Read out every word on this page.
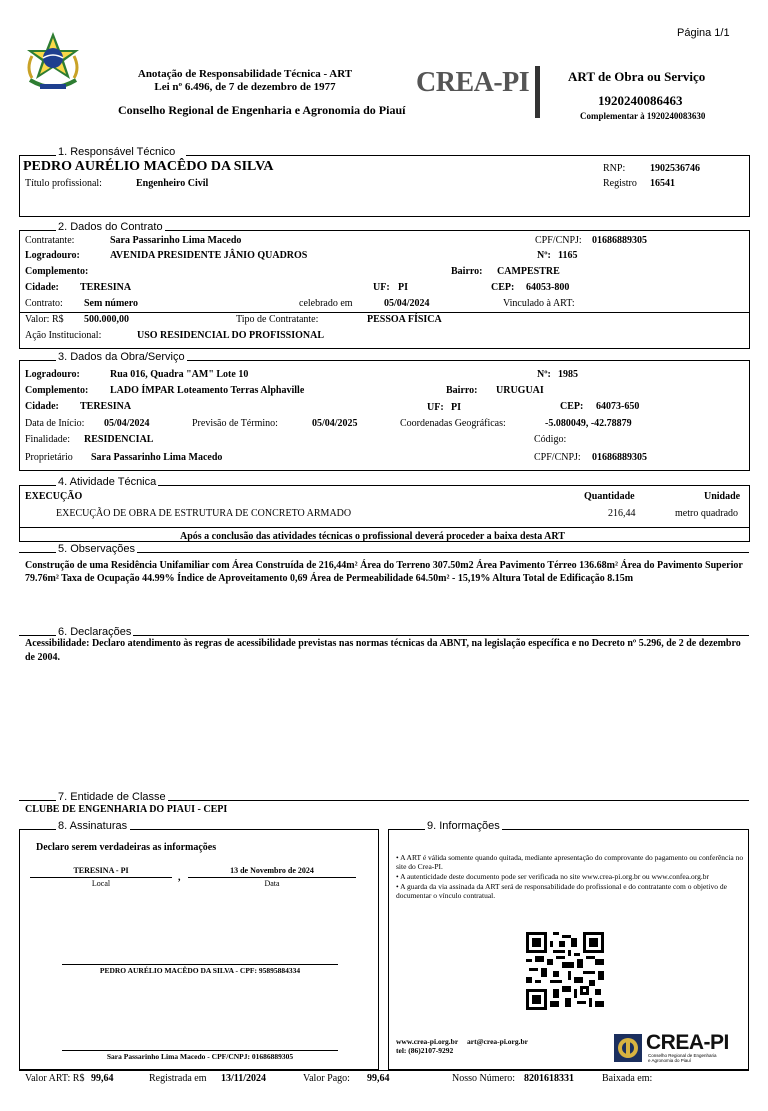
Página 1/1
Anotação de Responsabilidade Técnica - ART
Lei nº 6.496, de 7 de dezembro de 1977
Conselho Regional de Engenharia e Agronomia do Piauí
CREA-PI	ART de Obra ou Serviço
1920240086463
Complementar à 1920240083630
1. Responsável Técnico
PEDRO AURÉLIO MACÊDO DA SILVA
Título profissional:	Engenheiro Civil
RNP: 1902536746
Registro 16541
2. Dados do Contrato
Contratante:	Sara Passarinho Lima Macedo	CPF/CNPJ: 01686889305
Logradouro:	AVENIDA PRESIDENTE JÂNIO QUADROS	Nº: 1165
Complemento:	Bairro: CAMPESTRE
Cidade: TERESINA	UF: PI	CEP: 64053-800
Contrato: Sem número	celebrado em	05/04/2024	Vinculado à ART:
Valor: R$ 500.000,00	Tipo de Contratante:	PESSOA FÍSICA
Ação Institucional:	USO RESIDENCIAL DO PROFISSIONAL
3. Dados da Obra/Serviço
Logradouro:	Rua 016, Quadra "AM" Lote 10	Nº: 1985
Complemento: LADO ÍMPAR Loteamento Terras Alphaville	Bairro: URUGUAI
Cidade: TERESINA	UF: PI	CEP: 64073-650
Data de Início: 05/04/2024	Previsão de Término:	05/04/2025	Coordenadas Geográficas:	-5.080049, -42.78879
Finalidade: RESIDENCIAL	Código:
Proprietário Sara Passarinho Lima Macedo	CPF/CNPJ: 01686889305
4. Atividade Técnica
EXECUÇÃO	Quantidade	Unidade
EXECUÇÃO DE OBRA DE ESTRUTURA DE CONCRETO ARMADO	216,44	metro quadrado
Após a conclusão das atividades técnicas o profissional deverá proceder a baixa desta ART
5. Observações
Construção de uma Residência Unifamiliar com Área Construída de 216,44m² Área do Terreno 307.50m2 Área Pavimento Térreo 136.68m² Área do Pavimento Superior 79.76m² Taxa de Ocupação 44.99% Índice de Aproveitamento 0,69 Área de Permeabilidade 64.50m² - 15,19% Altura Total de Edificação 8.15m
6. Declarações
Acessibilidade: Declaro atendimento às regras de acessibilidade previstas nas normas técnicas da ABNT, na legislação específica e no Decreto nº 5.296, de 2 de dezembro de 2004.
7. Entidade de Classe
CLUBE DE ENGENHARIA DO PIAUI - CEPI
8. Assinaturas
Declaro serem verdadeiras as informações
TERESINA - PI
Local
,
13 de Novembro de 2024
Data
PEDRO AURÉLIO MACÊDO DA SILVA - CPF: 95895884334
Sara Passarinho Lima Macedo - CPF/CNPJ: 01686889305
9. Informações
• A ART é válida somente quando quitada, mediante apresentação do comprovante do pagamento ou conferência no site do Crea-PI.
• A autenticidade deste documento pode ser verificada no site www.crea-pi.org.br ou www.confea.org.br
• A guarda da via assinada da ART será de responsabilidade do profissional e do contratante com o objetivo de documentar o vínculo contratual.
www.crea-pi.org.br art@crea-pi.org.br
tel: (86)2107-9292	CREA-PI
Conselho Regional de Engenharia
e Agronomia do Piauí
Valor ART: R$ 99,64	Registrada em 13/11/2024	Valor Pago: 99,64	Nosso Número: 8201618331	Baixada em:
